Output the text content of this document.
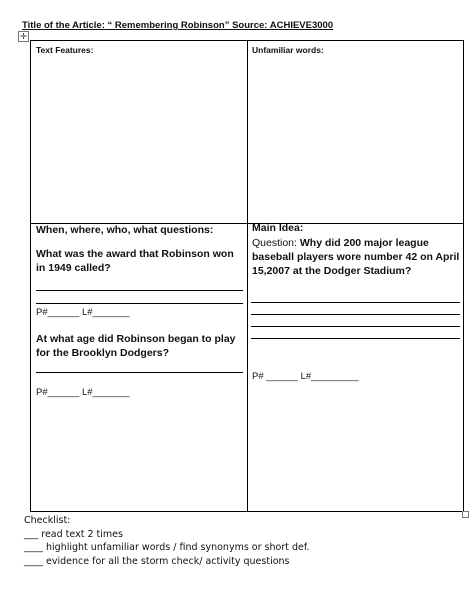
Title of the Article: “ Remembering Robinson” Source: ACHIEVE3000
✛
Text Features:	Unfamiliar words:
When, where, who, what questions:
What was the award that Robinson won in 1949 called?
P#______ L#_______
At what age did Robinson began to play for the Brooklyn Dodgers?
P#______ L#_______
Main Idea:
Question: Why did 200 major league baseball players wore number 42 on April 15,2007 at the Dodger Stadium?
P# ______ L#_________
Checklist:
___ read text 2 times
____ highlight unfamiliar words / find synonyms or short def.
____ evidence for all the storm check/ activity questions
